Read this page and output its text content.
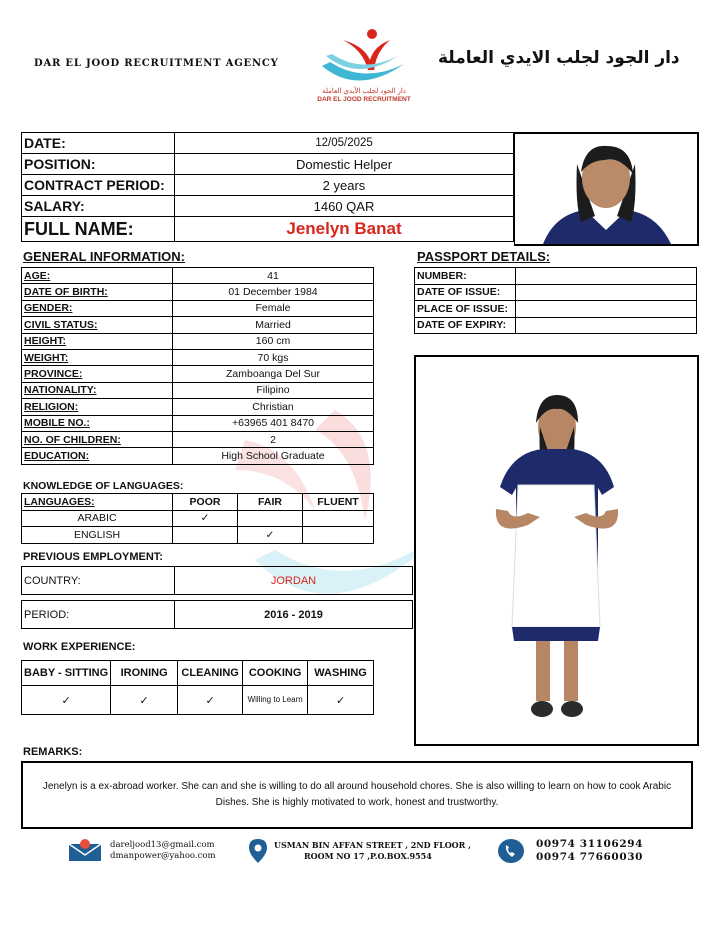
DAR EL JOOD RECRUITMENT AGENCY
دار الجود لجلب الأيدي العاملة
DAR EL JOOD RECRUITMENT
دار الجود لجلب الايدي العاملة
DATE:	12/05/2025
POSITION:	Domestic Helper
CONTRACT PERIOD:	2 years
SALARY:	1460 QAR
FULL NAME:	Jenelyn Banat
GENERAL INFORMATION:
AGE:	41
DATE OF BIRTH:	01 December 1984
GENDER:	Female
CIVIL STATUS:	Married
HEIGHT:	160 cm
WEIGHT:	70 kgs
PROVINCE:	Zamboanga Del Sur
NATIONALITY:	Filipino
RELIGION:	Christian
MOBILE NO.:	+63965 401 8470
NO. OF CHILDREN:	2
EDUCATION:	High School Graduate
PASSPORT DETAILS:
NUMBER:	
DATE OF ISSUE:	
PLACE OF ISSUE:	
DATE OF EXPIRY:	
KNOWLEDGE OF LANGUAGES:
LANGUAGES:	POOR	FAIR	FLUENT
ARABIC	✓		
ENGLISH		✓	
PREVIOUS EMPLOYMENT:
COUNTRY:	JORDAN
PERIOD:	2016 - 2019
WORK EXPERIENCE:
BABY - SITTING	IRONING	CLEANING	COOKING	WASHING
✓	✓	✓	Willing to Learn	✓
REMARKS:
Jenelyn is a ex-abroad worker. She can and she is willing to do all around household chores. She is also willing to learn on how to cook Arabic Dishes. She is highly motivated to work, honest and trustworthy.
dareljood13@gmail.com
dmanpower@yahoo.com
USMAN BIN AFFAN STREET , 2ND FLOOR ,
ROOM NO 17 ,P.O.BOX.9554
00974 31106294
00974 77660030
